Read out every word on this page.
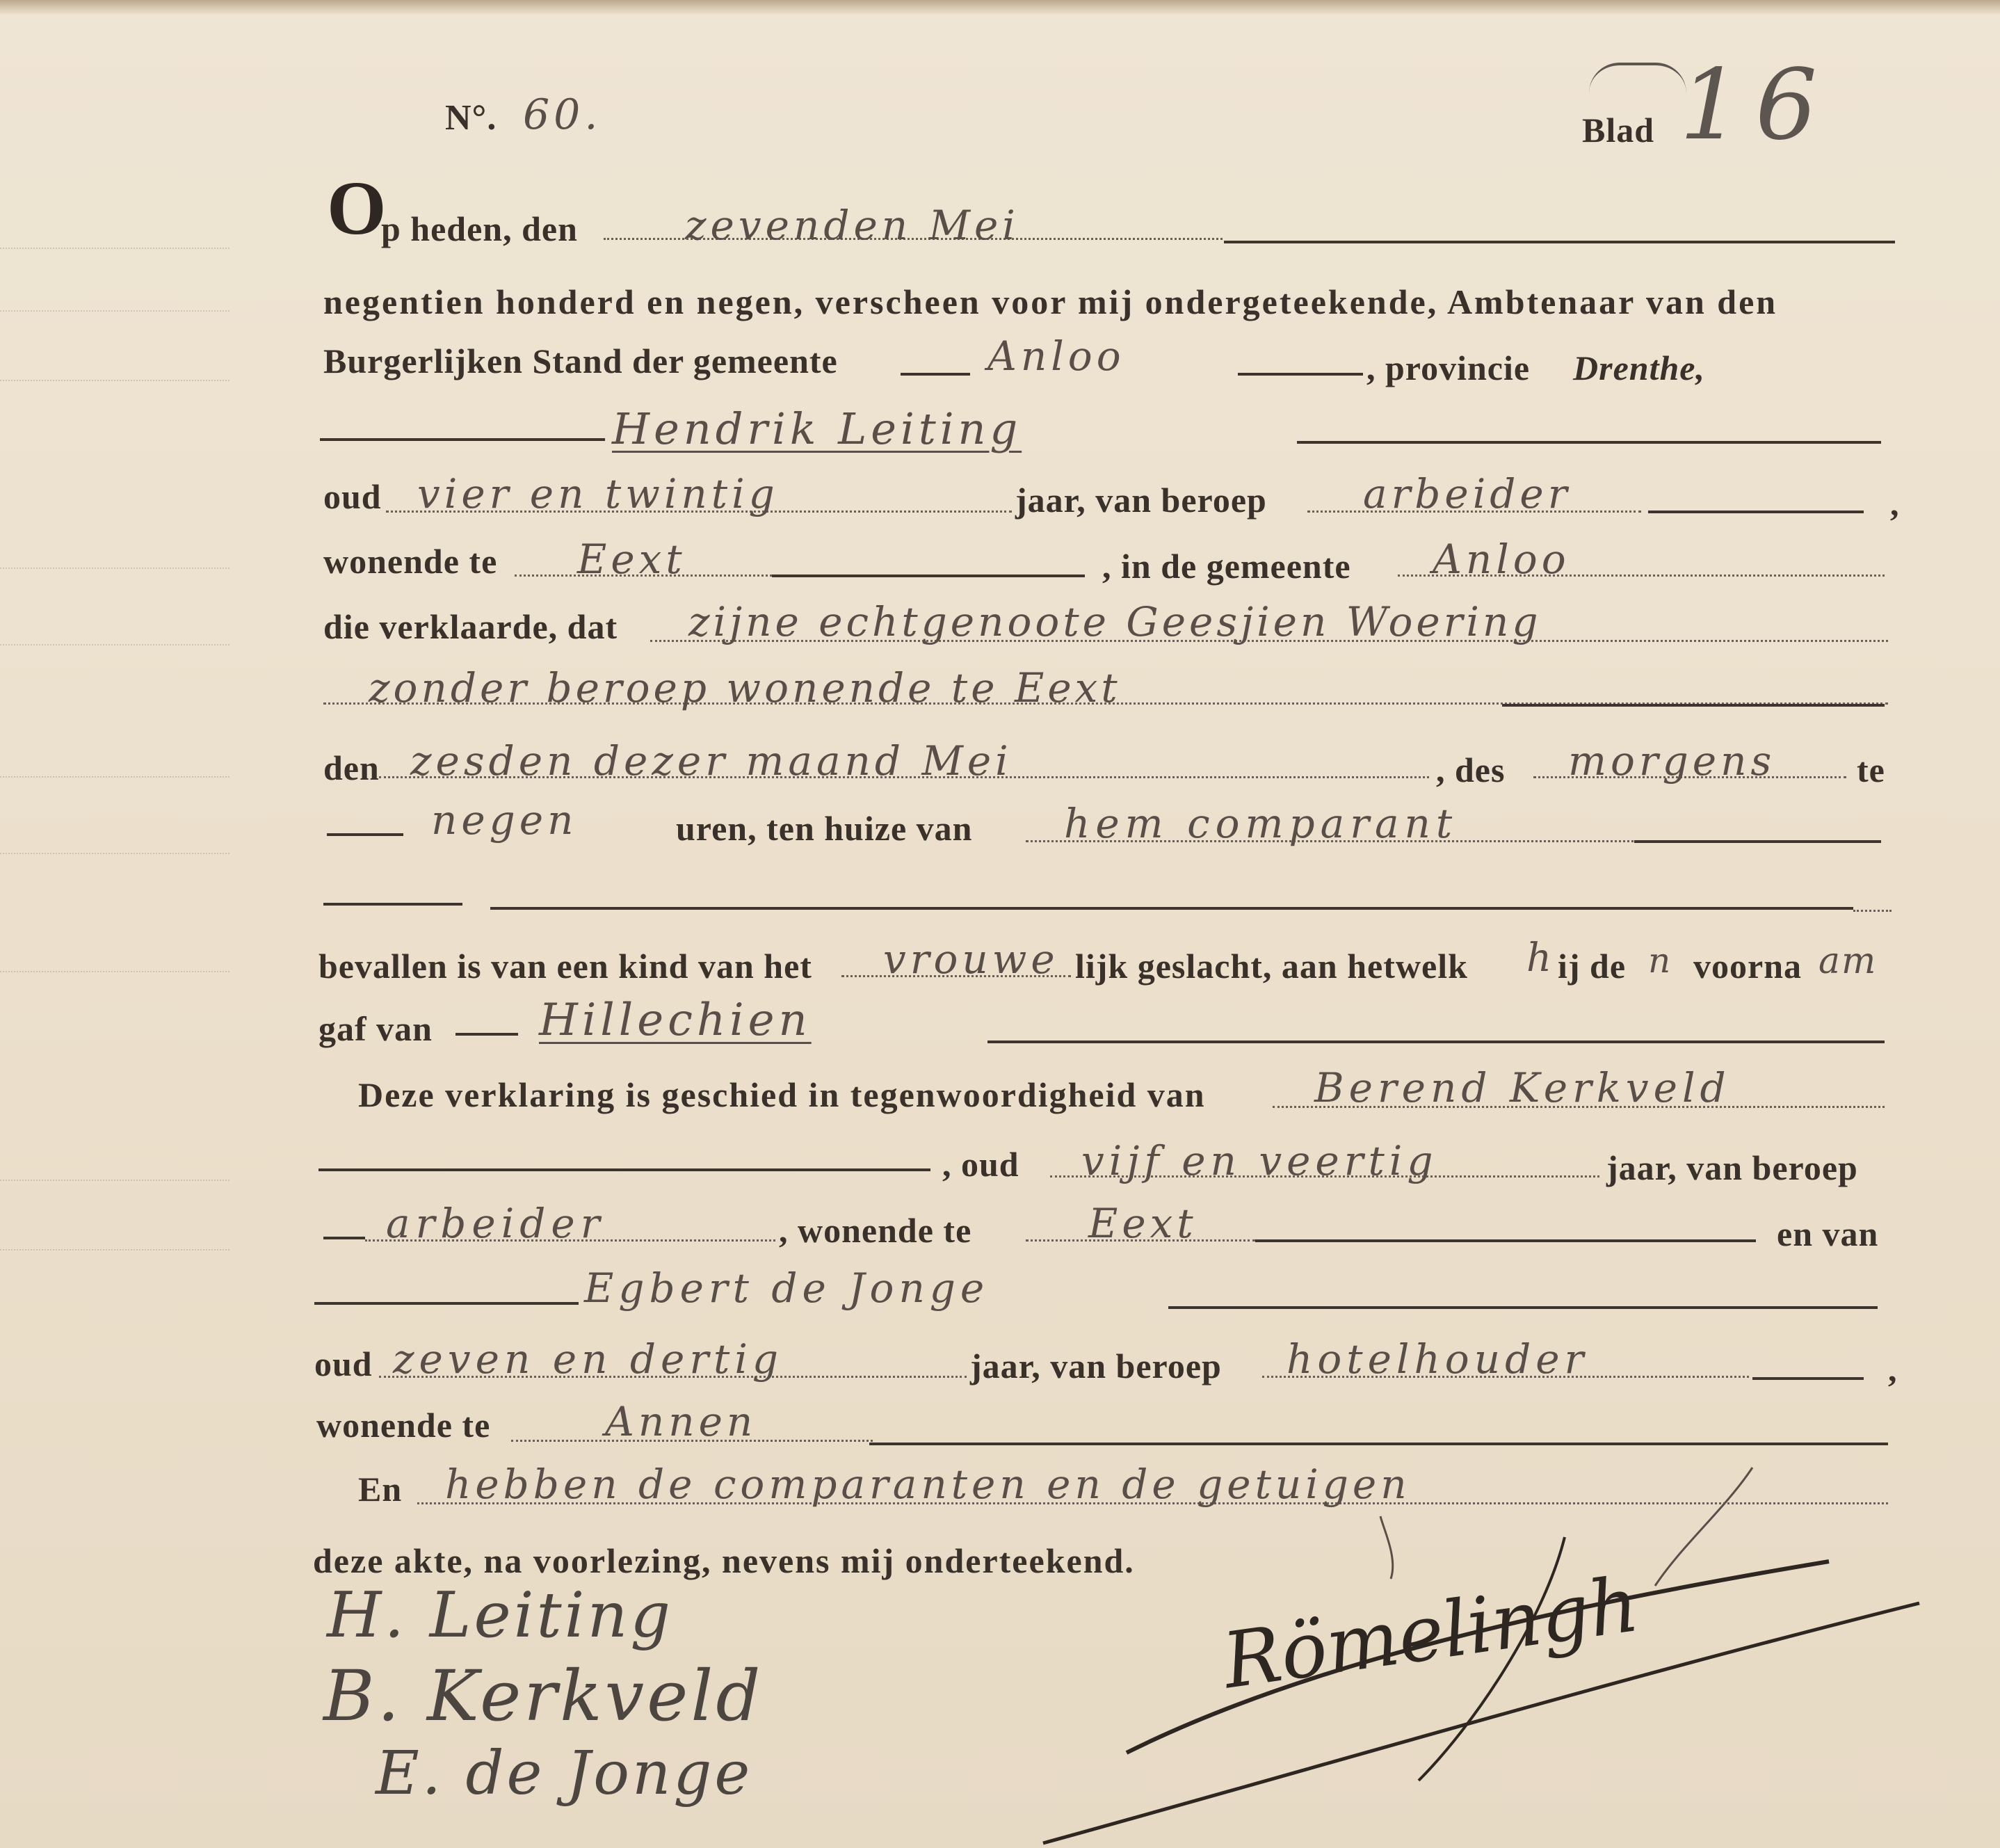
N°. 60.	Blad 16
O
p heden, den	zevenden Mei
negentien honderd en negen, verscheen voor mij ondergeteekende, Ambtenaar van den
Burgerlijken Stand der gemeente	Anloo	, provincie Drenthe,
Hendrik Leiting
oud vier en twintig	jaar, van beroep arbeider	,
wonende te Eext	, in de gemeente Anloo
die verklaarde, dat zijne echtgenoote Geesjien Woering
zonder beroep wonende te Eext
den zesden dezer maand Mei	, des morgens te
negen	uren, ten huize van hem comparant
bevallen is van een kind van het vrouwe lijk geslacht, aan hetwelk h ij de n voorna am
gaf van Hillechien
Deze verklaring is geschied in tegenwoordigheid van	Berend Kerkveld
, oud vijf en veertig	jaar, van beroep
arbeider	, wonende te	Eext	en van
Egbert de Jonge
oud zeven en dertig	jaar, van beroep hotelhouder	,
wonende te	Annen
En hebben de comparanten en de getuigen
deze akte, na voorlezing, nevens mij onderteekend.
H. Leiting
B. Kerkveld
E. de Jonge
Römelingh
